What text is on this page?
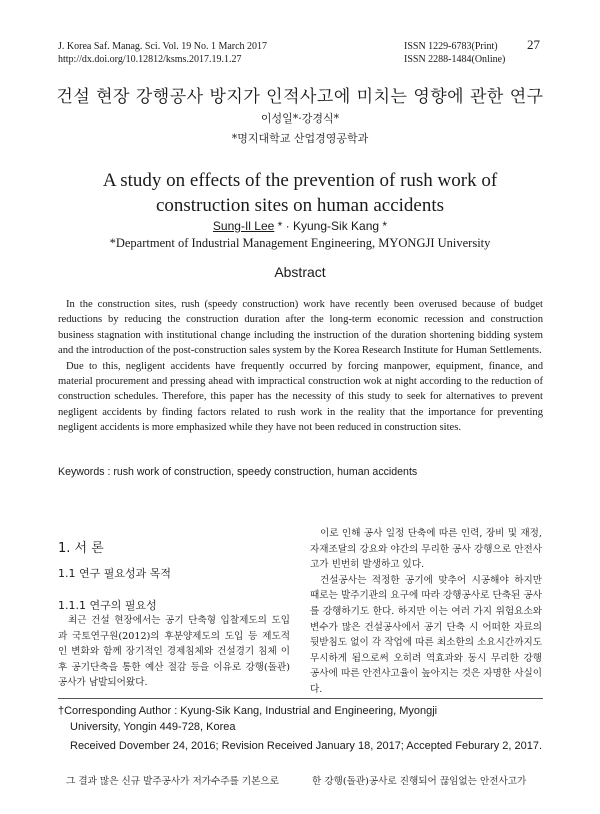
J. Korea Saf. Manag. Sci. Vol. 19 No. 1 March 2017
http://dx.doi.org/10.12812/ksms.2017.19.1.27
ISSN 1229-6783(Print)
ISSN 2288-1484(Online)
27
건설 현장 강행공사 방지가 인적사고에 미치는 영향에 관한 연구
이성일*·강경식*
*명지대학교 산업경영공학과
A study on effects of the prevention of rush work of
construction sites on human accidents
Sung-Il Lee * · Kyung-Sik Kang *
*Department of Industrial Management Engineering, MYONGJI University
Abstract

In the construction sites, rush (speedy construction) work have recently been overused because of budget reductions by reducing the construction duration after the long-term economic recession and construction business stagnation with institutional change including the instruction of the duration shortening bidding system and the introduction of the post-construction sales system by the Korea Research Institute for Human Settlements.

Due to this, negligent accidents have frequently occurred by forcing manpower, equipment, finance, and material procurement and pressing ahead with impractical construction wok at night according to the reduction of construction schedules. Therefore, this paper has the necessity of this study to seek for alternatives to prevent negligent accidents by finding factors related to rush work in the reality that the importance for preventing negligent accidents is more emphasized while they have not been reduced in construction sites.

Keywords : rush work of construction, speedy construction, human accidents
1. 서 론
1.1 연구 필요성과 목적
1.1.1 연구의 필요성

최근 건설 현장에서는 공기 단축형 입찰제도의 도입과 국토연구원(2012)의 후분양제도의 도입 등 제도적인 변화와 함께 장기적인 경제침체와 건설경기 침체 이후 공기단축을 통한 예산 절감 등을 이유로 강행(돌관)공사가 남발되어왔다.

이로 인해 공사 일정 단축에 따른 인력, 장비 및 재정, 자재조달의 강요와 야간의 무리한 공사 강행으로 안전사고가 빈번히 발생하고 있다.

건설공사는 적정한 공기에 맞추어 시공해야 하지만 때로는 발주기관의 요구에 따라 강행공사로 단축된 공사를 강행하기도 한다. 하지만 이는 여러 가지 위험요소와 변수가 많은 건설공사에서 공기 단축 시 어떠한 자료의 뒷받침도 없이 각 작업에 따른 최소한의 소요시간까지도 무시하게 됨으로써 오히려 역효과와 동시 무리한 강행 공사에 따른 안전사고율이 높아지는 것은 자명한 사실이다.

†Corresponding Author : Kyung-Sik Kang, Industrial and Engineering, Myongji
University, Yongin 449-728, Korea
Received Dovember 24, 2016; Revision Received January 18, 2017; Accepted Feburary 2, 2017.
그 결과 많은 신규 발주공사가 저가수주를 기본으로	한 강행(돌관)공사로 진행되어 끊임없는 안전사고가
